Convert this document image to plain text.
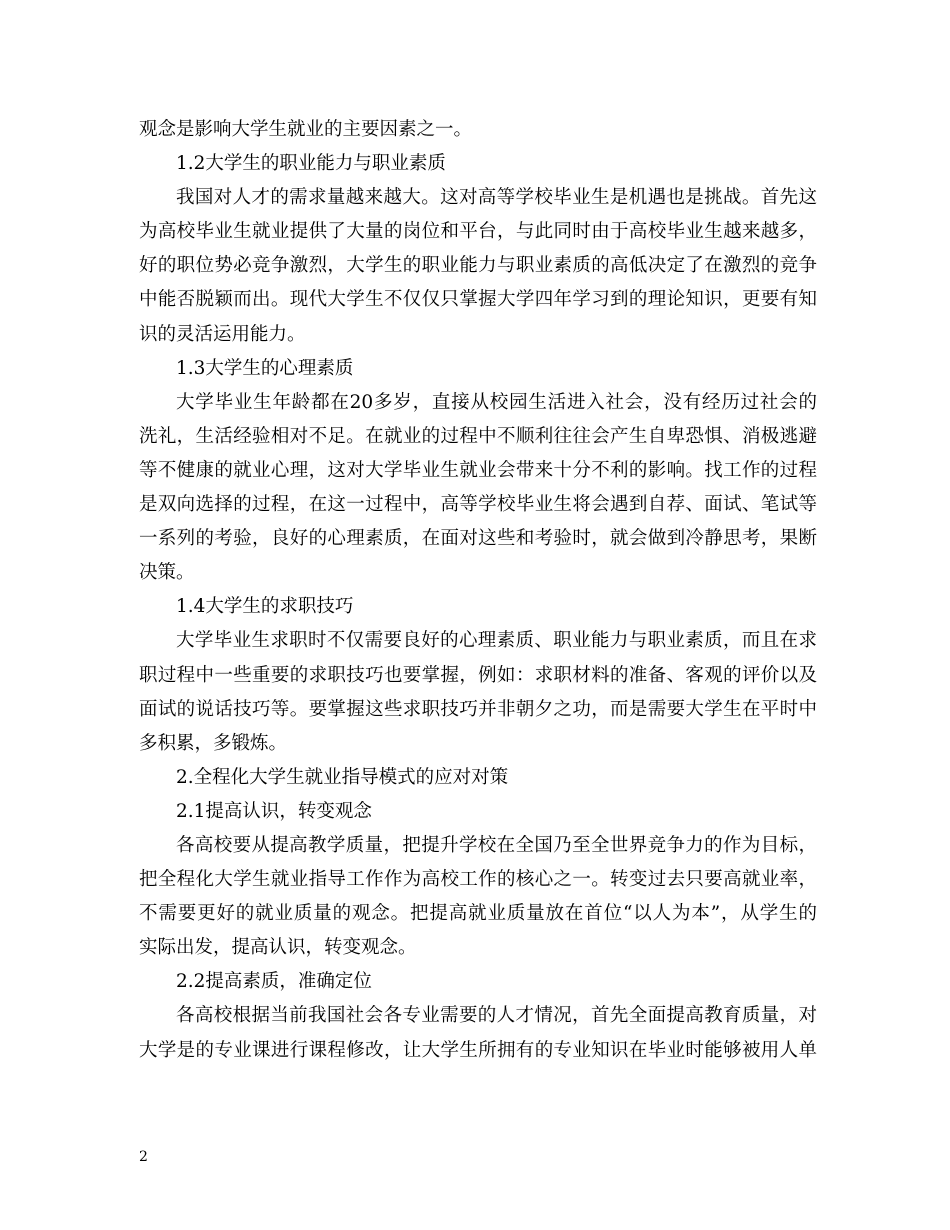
观念是影响大学生就业的主要因素之一。
1.2大学生的职业能力与职业素质
我国对人才的需求量越来越大。这对高等学校毕业生是机遇也是挑战。首先这
为高校毕业生就业提供了大量的岗位和平台，与此同时由于高校毕业生越来越多，
好的职位势必竞争激烈，大学生的职业能力与职业素质的高低决定了在激烈的竞争
中能否脱颖而出。现代大学生不仅仅只掌握大学四年学习到的理论知识，更要有知
识的灵活运用能力。
1.3大学生的心理素质
大学毕业生年龄都在20多岁，直接从校园生活进入社会，没有经历过社会的
洗礼，生活经验相对不足。在就业的过程中不顺利往往会产生自卑恐惧、消极逃避
等不健康的就业心理，这对大学毕业生就业会带来十分不利的影响。找工作的过程
是双向选择的过程，在这一过程中，高等学校毕业生将会遇到自荐、面试、笔试等
一系列的考验，良好的心理素质，在面对这些和考验时，就会做到冷静思考，果断
决策。
1.4大学生的求职技巧
大学毕业生求职时不仅需要良好的心理素质、职业能力与职业素质，而且在求
职过程中一些重要的求职技巧也要掌握，例如：求职材料的准备、客观的评价以及
面试的说话技巧等。要掌握这些求职技巧并非朝夕之功，而是需要大学生在平时中
多积累，多锻炼。
2.全程化大学生就业指导模式的应对对策
2.1提高认识，转变观念
各高校要从提高教学质量，把提升学校在全国乃至全世界竞争力的作为目标，
把全程化大学生就业指导工作作为高校工作的核心之一。转变过去只要高就业率，
不需要更好的就业质量的观念。把提高就业质量放在首位“以人为本”，从学生的
实际出发，提高认识，转变观念。
2.2提高素质，准确定位
各高校根据当前我国社会各专业需要的人才情况，首先全面提高教育质量，对
大学是的专业课进行课程修改，让大学生所拥有的专业知识在毕业时能够被用人单
2
